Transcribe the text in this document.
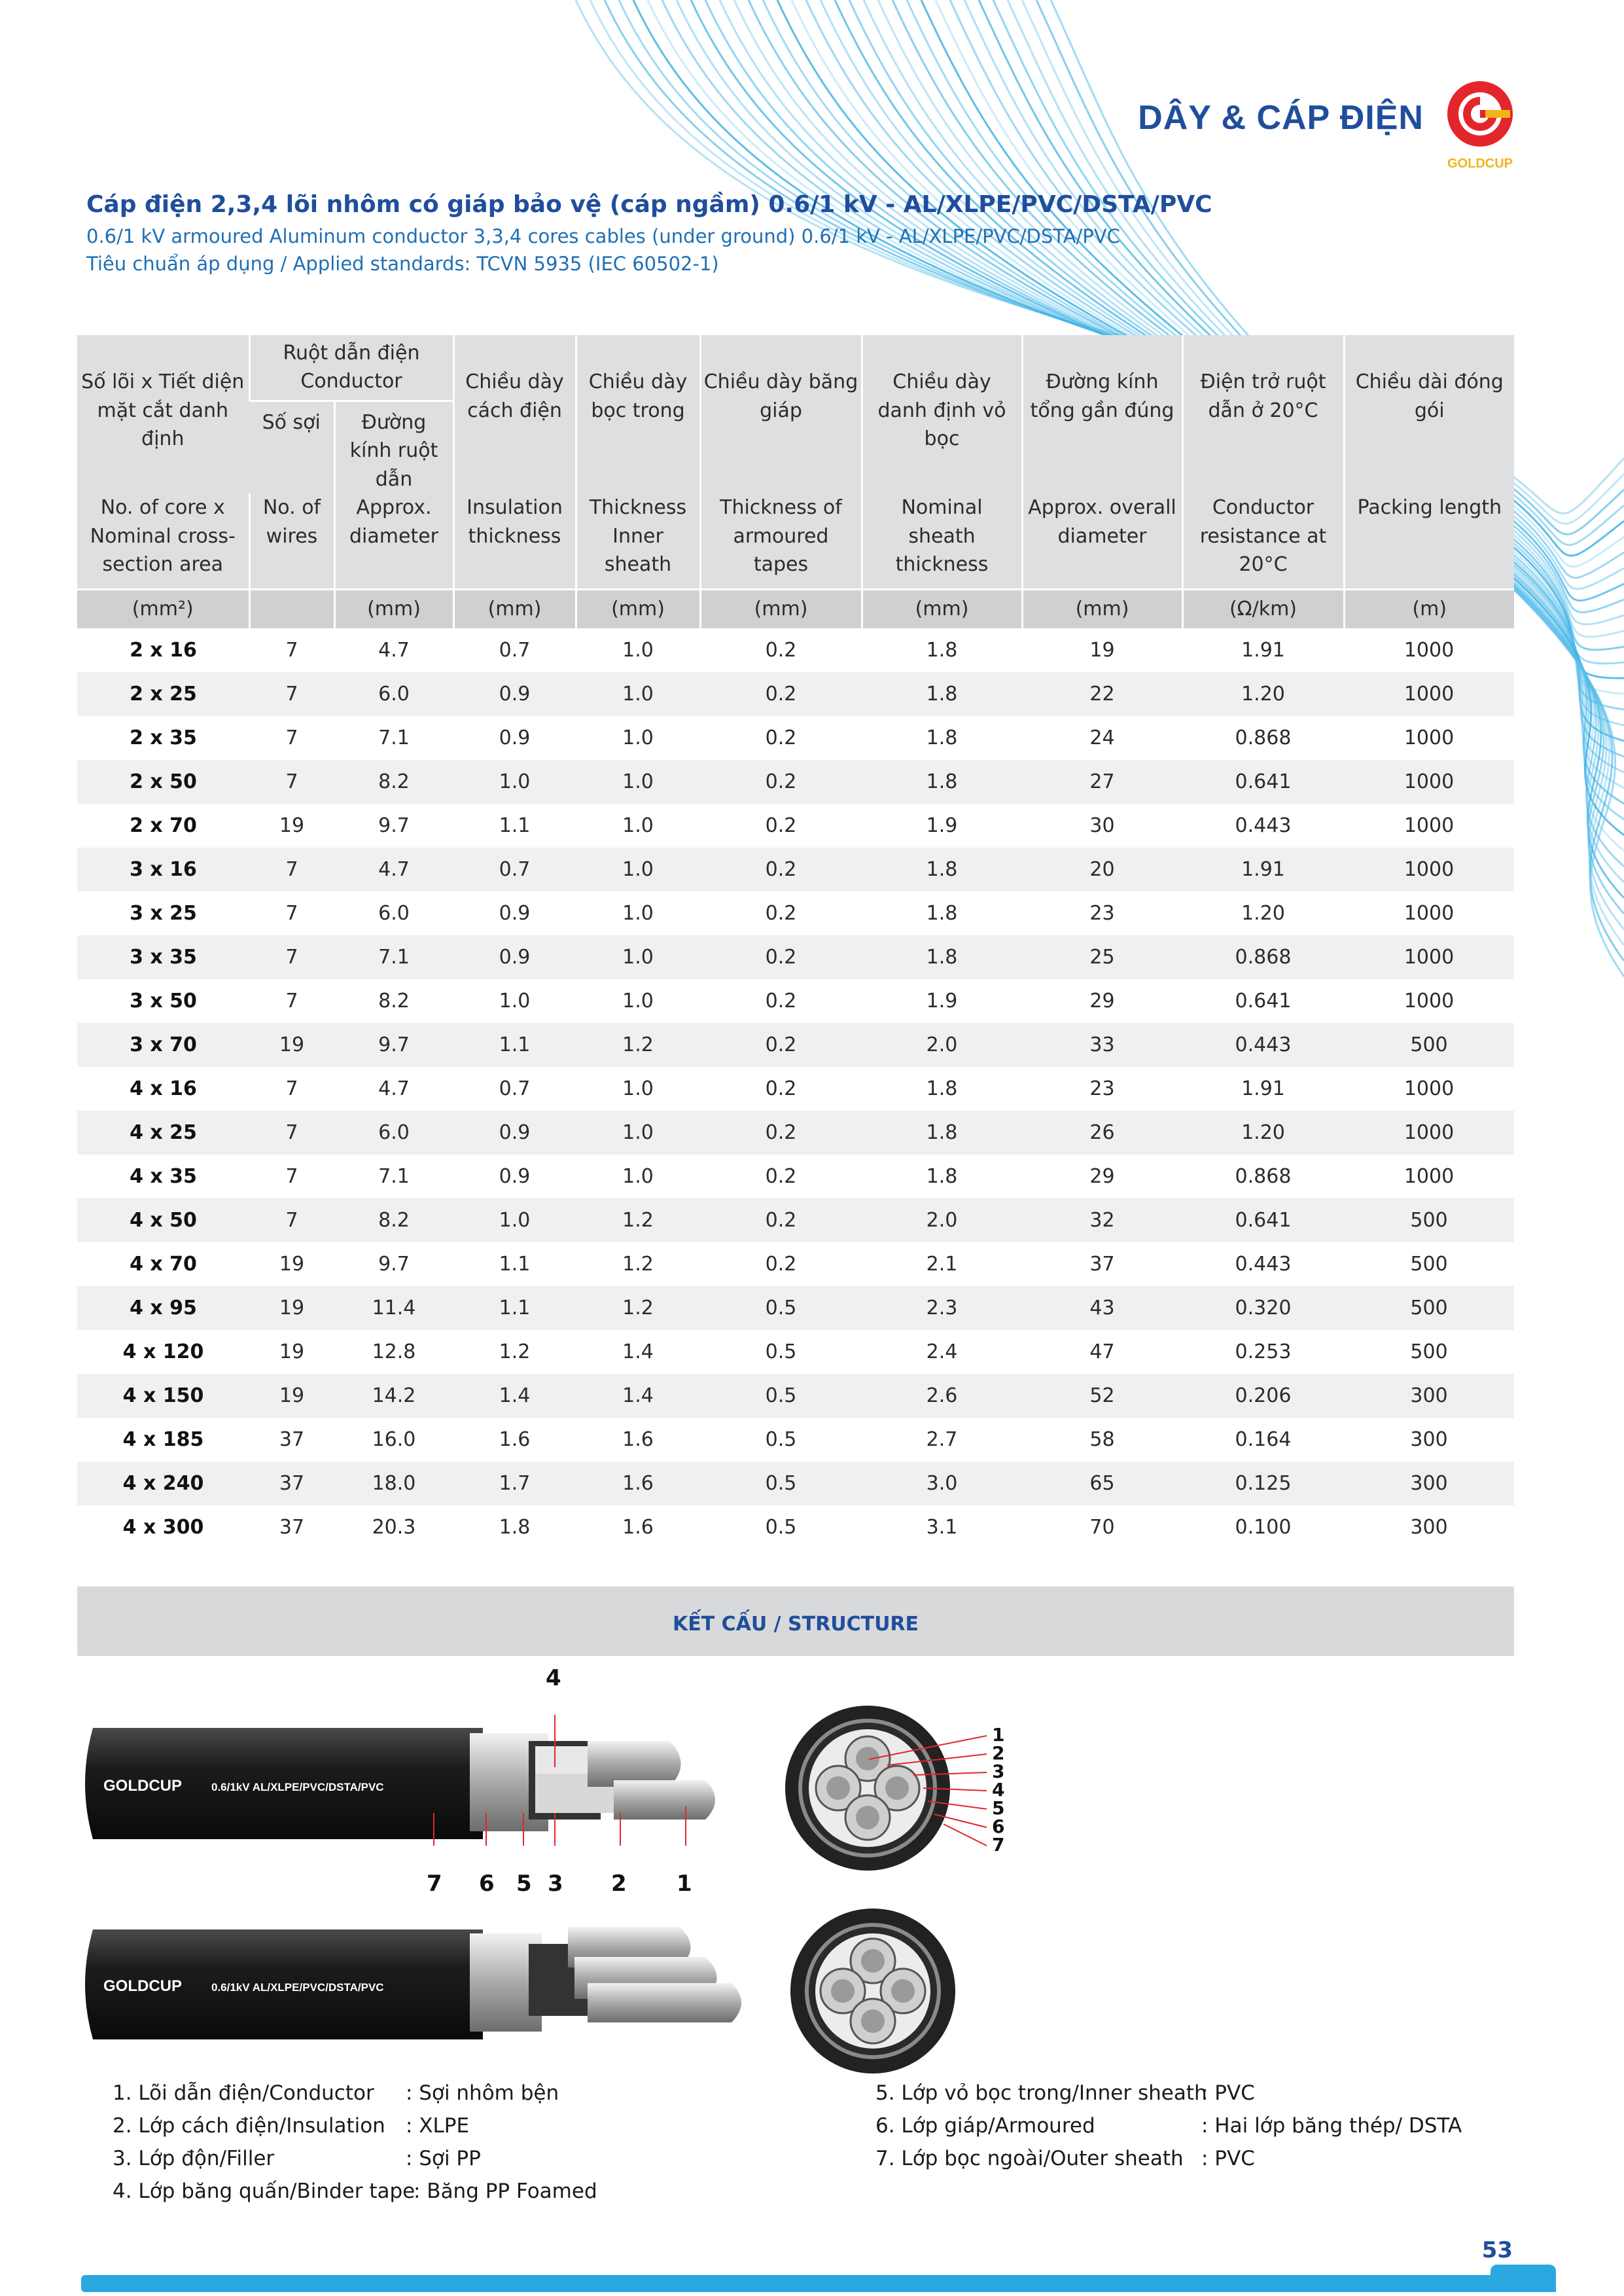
DÂY & CÁP ĐIỆN
GOLDCUP
Cáp điện 2,3,4 lõi nhôm có giáp bảo vệ (cáp ngầm) 0.6/1 kV - AL/XLPE/PVC/DSTA/PVC
0.6/1 kV armoured Aluminum conductor 3,3,4 cores cables (under ground) 0.6/1 kV - AL/XLPE/PVC/DSTA/PVC
Tiêu chuẩn áp dụng / Applied standards: TCVN 5935 (IEC 60502-1)
Số lõi x Tiết diện mặt cắt danh định	Ruột dẫn điện Conductor		Chiều dày cách điện	Chiều dày bọc trong	Chiều dày băng giáp	Chiều dày danh định vỏ bọc	Đường kính tổng gần đúng	Điện trở ruột dẫn ở 20°C	Chiều dài đóng gói
	Số sợi	Đường kính ruột dẫn							
No. of core x Nominal cross-section area	No. of wires	Approx. diameter	Insulation thickness	Thickness Inner sheath	Thickness of armoured tapes	Nominal sheath thickness	Approx. overall diameter	Conductor resistance at 20°C	Packing length
(mm²)		(mm)	(mm)	(mm)	(mm)	(mm)	(mm)	(Ω/km)	(m)
2 x 16	7	4.7	0.7	1.0	0.2	1.8	19	1.91	1000
2 x 25	7	6.0	0.9	1.0	0.2	1.8	22	1.20	1000
2 x 35	7	7.1	0.9	1.0	0.2	1.8	24	0.868	1000
2 x 50	7	8.2	1.0	1.0	0.2	1.8	27	0.641	1000
2 x 70	19	9.7	1.1	1.0	0.2	1.9	30	0.443	1000
3 x 16	7	4.7	0.7	1.0	0.2	1.8	20	1.91	1000
3 x 25	7	6.0	0.9	1.0	0.2	1.8	23	1.20	1000
3 x 35	7	7.1	0.9	1.0	0.2	1.8	25	0.868	1000
3 x 50	7	8.2	1.0	1.0	0.2	1.9	29	0.641	1000
3 x 70	19	9.7	1.1	1.2	0.2	2.0	33	0.443	500
4 x 16	7	4.7	0.7	1.0	0.2	1.8	23	1.91	1000
4 x 25	7	6.0	0.9	1.0	0.2	1.8	26	1.20	1000
4 x 35	7	7.1	0.9	1.0	0.2	1.8	29	0.868	1000
4 x 50	7	8.2	1.0	1.2	0.2	2.0	32	0.641	500
4 x 70	19	9.7	1.1	1.2	0.2	2.1	37	0.443	500
4 x 95	19	11.4	1.1	1.2	0.5	2.3	43	0.320	500
4 x 120	19	12.8	1.2	1.4	0.5	2.4	47	0.253	500
4 x 150	19	14.2	1.4	1.4	0.5	2.6	52	0.206	300
4 x 185	37	16.0	1.6	1.6	0.5	2.7	58	0.164	300
4 x 240	37	18.0	1.7	1.6	0.5	3.0	65	0.125	300
4 x 300	37	20.3	1.8	1.6	0.5	3.1	70	0.100	300
KẾT CẤU / STRUCTURE
GOLDCUP	0.6/1kV AL/XLPE/PVC/DSTA/PVC
4
7 6 5 3 2 1
1
2
3
4
5
6
7
GOLDCUP	0.6/1kV AL/XLPE/PVC/DSTA/PVC
1. Lõi dẫn điện/Conductor : Sợi nhôm bện
2. Lớp cách điện/Insulation : XLPE
3. Lớp độn/Filler	: Sợi PP
4. Lớp băng quấn/Binder tape
: Băng PP Foamed
5. Lớp vỏ bọc trong/Inner sheath
: PVC
6. Lớp giáp/Armoured	: Hai lớp băng thép/ DSTA
7. Lớp bọc ngoài/Outer sheath : PVC
53
